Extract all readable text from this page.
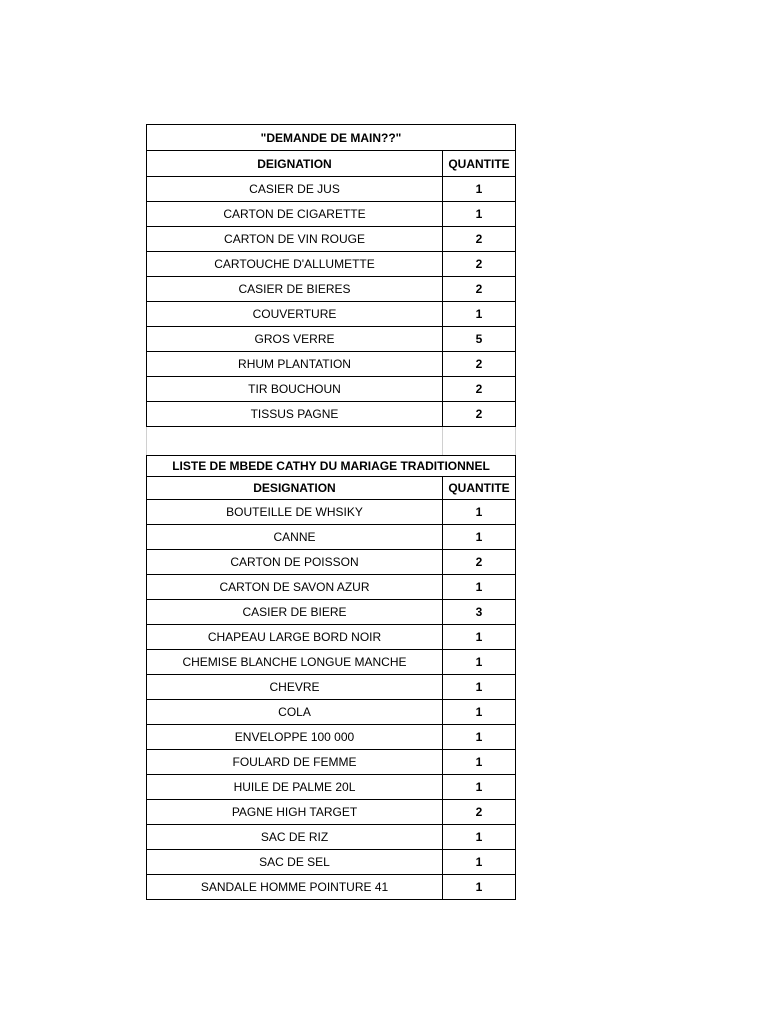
"DEMANDE DE MAIN??"	
DEIGNATION	QUANTITE
CASIER DE JUS	1
CARTON DE CIGARETTE	1
CARTON DE VIN ROUGE	2
CARTOUCHE D'ALLUMETTE	2
CASIER DE BIERES	2
COUVERTURE	1
GROS VERRE	5
RHUM PLANTATION	2
TIR BOUCHOUN	2
TISSUS PAGNE	2

LISTE DE MBEDE CATHY DU MARIAGE TRADITIONNEL	
DESIGNATION	QUANTITE
BOUTEILLE DE WHSIKY	1
CANNE	1
CARTON DE POISSON	2
CARTON DE SAVON AZUR	1
CASIER DE BIERE	3
CHAPEAU LARGE BORD NOIR	1
CHEMISE BLANCHE LONGUE MANCHE	1
CHEVRE	1
COLA	1
ENVELOPPE 100 000	1
FOULARD DE FEMME	1
HUILE DE PALME 20L	1
PAGNE HIGH TARGET	2
SAC DE RIZ	1
SAC DE SEL	1
SANDALE HOMME POINTURE 41	1
